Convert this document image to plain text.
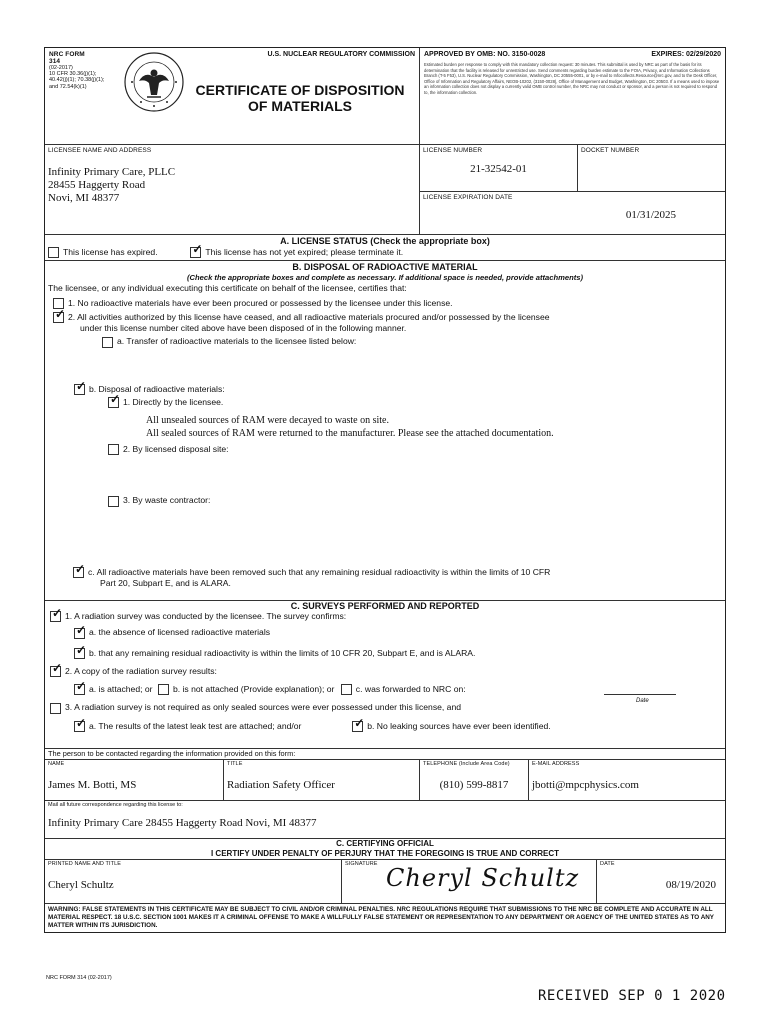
NRC FORM 314
(02-2017)
10 CFR 30.36(j)(1);
40.42(j)(1); 70.38(j)(1);
and 72.54(k)(1)
U.S. NUCLEAR REGULATORY COMMISSION
CERTIFICATE OF DISPOSITION
OF MATERIALS
APPROVED BY OMB: NO. 3150-0028	EXPIRES: 02/29/2020
Estimated burden per response to comply with this mandatory collection request: 30 minutes. This submittal is used by NRC as part of the basis for its determination that the facility is released for unrestricted use. Send comments regarding burden estimate to the FOIA, Privacy, and Information Collections Branch (T-5 F53), U.S. Nuclear Regulatory Commission, Washington, DC 20555-0001, or by e-mail to Infocollects.Resource@nrc.gov, and to the Desk Officer, Office of Information and Regulatory Affairs, NEOB-10202, (3150-0028), Office of Management and Budget, Washington, DC 20503. If a means used to impose an information collection does not display a currently valid OMB control number, the NRC may not conduct or sponsor, and a person is not required to respond to, the information collection.
LICENSEE NAME AND ADDRESS
Infinity Primary Care, PLLC
28455 Haggerty Road
Novi, MI 48377
LICENSE NUMBER
21-32542-01
DOCKET NUMBER
LICENSE EXPIRATION DATE
01/31/2025
A. LICENSE STATUS (Check the appropriate box)
This license has expired. ✓	This license has not yet expired; please terminate it.
B. DISPOSAL OF RADIOACTIVE MATERIAL
(Check the appropriate boxes and complete as necessary. If additional space is needed, provide attachments)
The licensee, or any individual executing this certificate on behalf of the licensee, certifies that:
1. No radioactive materials have ever been procured or possessed by the licensee under this license.
✓
2. All activities authorized by this license have ceased, and all radioactive materials procured and/or possessed by the licensee
under this license number cited above have been disposed of in the following manner.
a. Transfer of radioactive materials to the licensee listed below:
✓b. Disposal of radioactive materials:
✓1. Directly by the licensee.
All unsealed sources of RAM were decayed to waste on site.
All sealed sources of RAM were returned to the manufacturer. Please see the attached documentation.
2. By licensed disposal site:
3. By waste contractor:
✓
c. All radioactive materials have been removed such that any remaining residual radioactivity is within the limits of 10 CFR
Part 20, Subpart E, and is ALARA.
C. SURVEYS PERFORMED AND REPORTED
✓1. A radiation survey was conducted by the licensee. The survey confirms:
✓a. the absence of licensed radioactive materials
✓b. that any remaining residual radioactivity is within the limits of 10 CFR 20, Subpart E, and is ALARA.
✓2. A copy of the radiation survey results:
✓a. is attached; or b. is not attached (Provide explanation); or c. was forwarded to NRC on:
Date
3. A radiation survey is not required as only sealed sources were ever possessed under this license, and
✓a. The results of the latest leak test are attached; and/or ✓	b. No leaking sources have ever been identified.
The person to be contacted regarding the information provided on this form:
NAME
James M. Botti, MS
TITLE
Radiation Safety Officer
TELEPHONE (Include Area Code)
(810) 599-8817
E-MAIL ADDRESS
jbotti@mpcphysics.com
Mail all future correspondence regarding this license to:
Infinity Primary Care 28455 Haggerty Road Novi, MI 48377
C. CERTIFYING OFFICIAL
I CERTIFY UNDER PENALTY OF PERJURY THAT THE FOREGOING IS TRUE AND CORRECT
PRINTED NAME AND TITLE
Cheryl Schultz
SIGNATURE Cheryl Schultz	DATE
08/19/2020
WARNING: FALSE STATEMENTS IN THIS CERTIFICATE MAY BE SUBJECT TO CIVIL AND/OR CRIMINAL PENALTIES. NRC REGULATIONS REQUIRE THAT SUBMISSIONS TO THE NRC BE COMPLETE AND ACCURATE IN ALL MATERIAL RESPECT. 18 U.S.C. SECTION 1001 MAKES IT A CRIMINAL OFFENSE TO MAKE A WILLFULLY FALSE STATEMENT OR REPRESENTATION TO ANY DEPARTMENT OR AGENCY OF THE UNITED STATES AS TO ANY MATTER WITHIN ITS JURISDICTION.
NRC FORM 314 (02-2017)
RECEIVED SEP 0 1 2020
